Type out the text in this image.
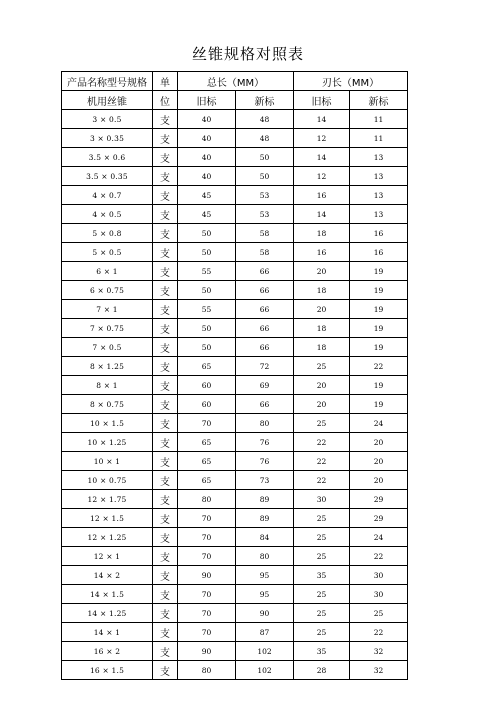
丝锥规格对照表
产品名称型号规格	单	总长（MM）		刃长（MM）	
机用丝锥	位	旧标	新标	旧标	新标
3 × 0.5	支	40	48	14	11
3 × 0.35	支	40	48	12	11
3.5 × 0.6	支	40	50	14	13
3.5 × 0.35	支	40	50	12	13
4 × 0.7	支	45	53	16	13
4 × 0.5	支	45	53	14	13
5 × 0.8	支	50	58	18	16
5 × 0.5	支	50	58	16	16
6 × 1	支	55	66	20	19
6 × 0.75	支	50	66	18	19
7 × 1	支	55	66	20	19
7 × 0.75	支	50	66	18	19
7 × 0.5	支	50	66	18	19
8 × 1.25	支	65	72	25	22
8 × 1	支	60	69	20	19
8 × 0.75	支	60	66	20	19
10 × 1.5	支	70	80	25	24
10 × 1.25	支	65	76	22	20
10 × 1	支	65	76	22	20
10 × 0.75	支	65	73	22	20
12 × 1.75	支	80	89	30	29
12 × 1.5	支	70	89	25	29
12 × 1.25	支	70	84	25	24
12 × 1	支	70	80	25	22
14 × 2	支	90	95	35	30
14 × 1.5	支	70	95	25	30
14 × 1.25	支	70	90	25	25
14 × 1	支	70	87	25	22
16 × 2	支	90	102	35	32
16 × 1.5	支	80	102	28	32
